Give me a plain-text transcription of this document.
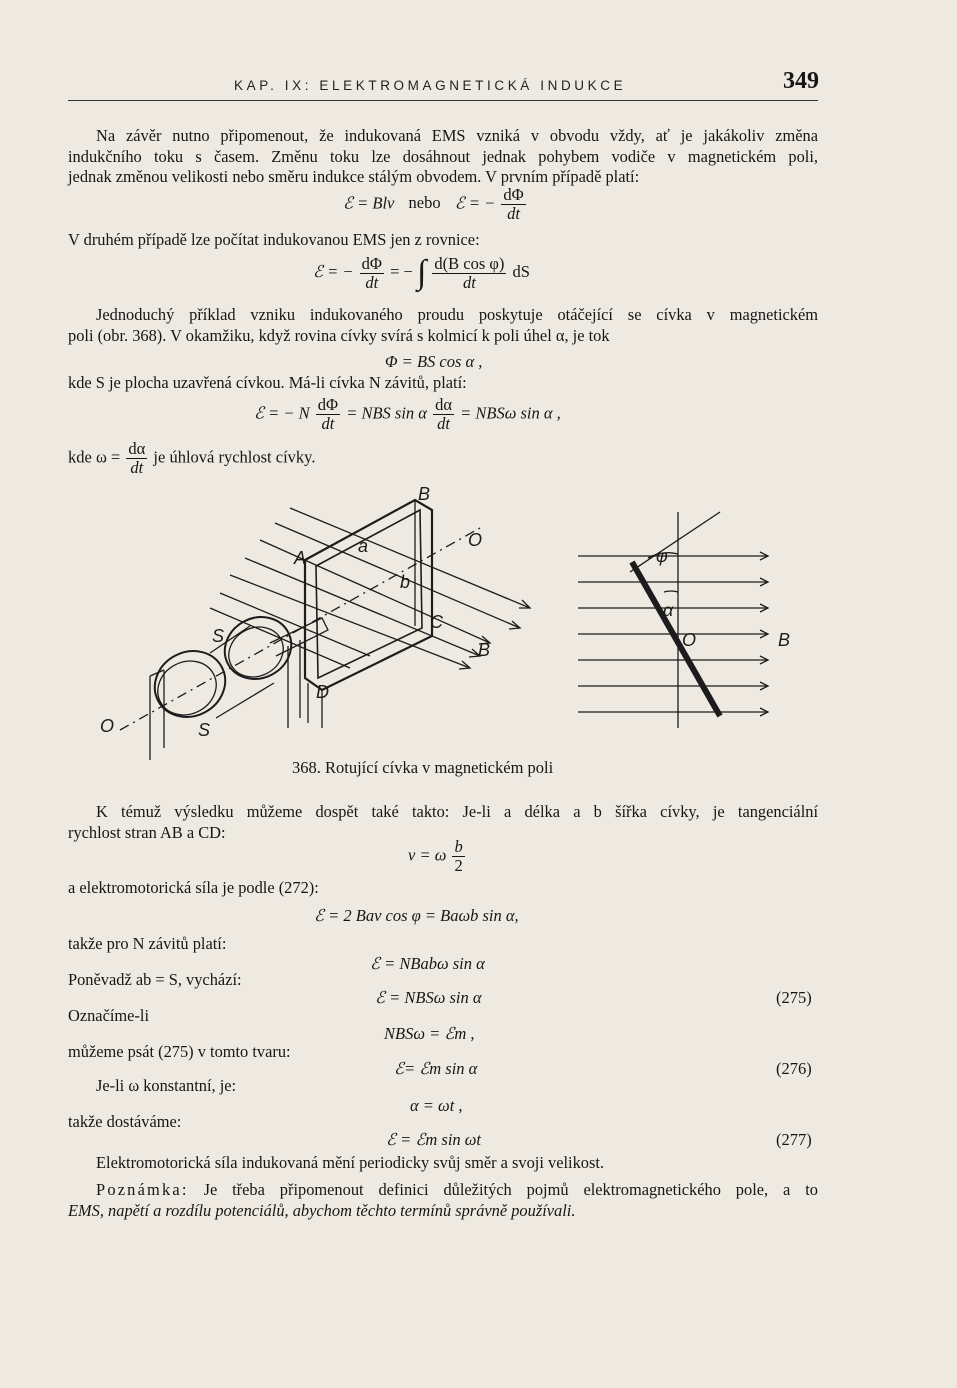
KAP. IX: ELEKTROMAGNETICKÁ INDUKCE	349
Na závěr nutno připomenout, že indukovaná EMS vzniká v obvodu vždy, ať je jakákoliv změna
indukčního toku s časem. Změnu toku lze dosáhnout jednak pohybem vodiče v magnetickém poli,
jednak změnou velikosti nebo směru indukce stálým obvodem. V prvním případě platí:
ℰ = Blv nebo ℰ = − $\frac{d\Phi}{dt}$
V druhém případě lze počítat indukovanou EMS jen z rovnice:
ℰ = − $\frac{d\Phi}{dt}$ = − ∫ $\frac{\text{d(B cos φ)}}{dt}$ dS
Jednoduchý příklad vzniku indukovaného proudu poskytuje otáčející se cívka v magnetickém
poli (obr. 368). V okamžiku, když rovina cívky svírá s kolmicí k poli úhel α, je tok
Φ = BS cos α ,
kde S je plocha uzavřená cívkou. Má-li cívka N závitů, platí:
ℰ = − N $\frac{d\Phi}{dt}$ = NBS sin α $\frac{d\alpha}{dt} = NBS\omega$ sin α ,
kde $\omega = \frac{d\alpha}{dt}$ je úhlová rychlost cívky.
B
O
a
A
b
C
B
S
D
O	S
φ
α
O	B
368. Rotující cívka v magnetickém poli
K témuž výsledku můžeme dospět také takto: Je-li a délka a b šířka cívky, je tangenciální
rychlost stran AB a CD:
v = ω $\frac{b}{2}$
a elektromotorická síla je podle (272):
ℰ = 2 Bav cos φ = Baωb sin α,
takže pro N závitů platí:
ℰ = NBabω sin α
Poněvadž ab = S, vychází:
ℰ = NBSω sin α	(275)
Označíme-li
NBSω = ℰm ,
můžeme psát (275) v tomto tvaru:
ℰ= ℰm sin α	(276)
Je-li ω konstantní, je:
α = ωt ,
takže dostáváme:
ℰ = ℰm sin ωt	(277)
Elektromotorická síla indukovaná mění periodicky svůj směr a svoji velikost.
Poznámka: Je třeba připomenout definici důležitých pojmů elektromagnetického pole, a to
EMS, napětí a rozdílu potenciálů, abychom těchto termínů správně používali.
